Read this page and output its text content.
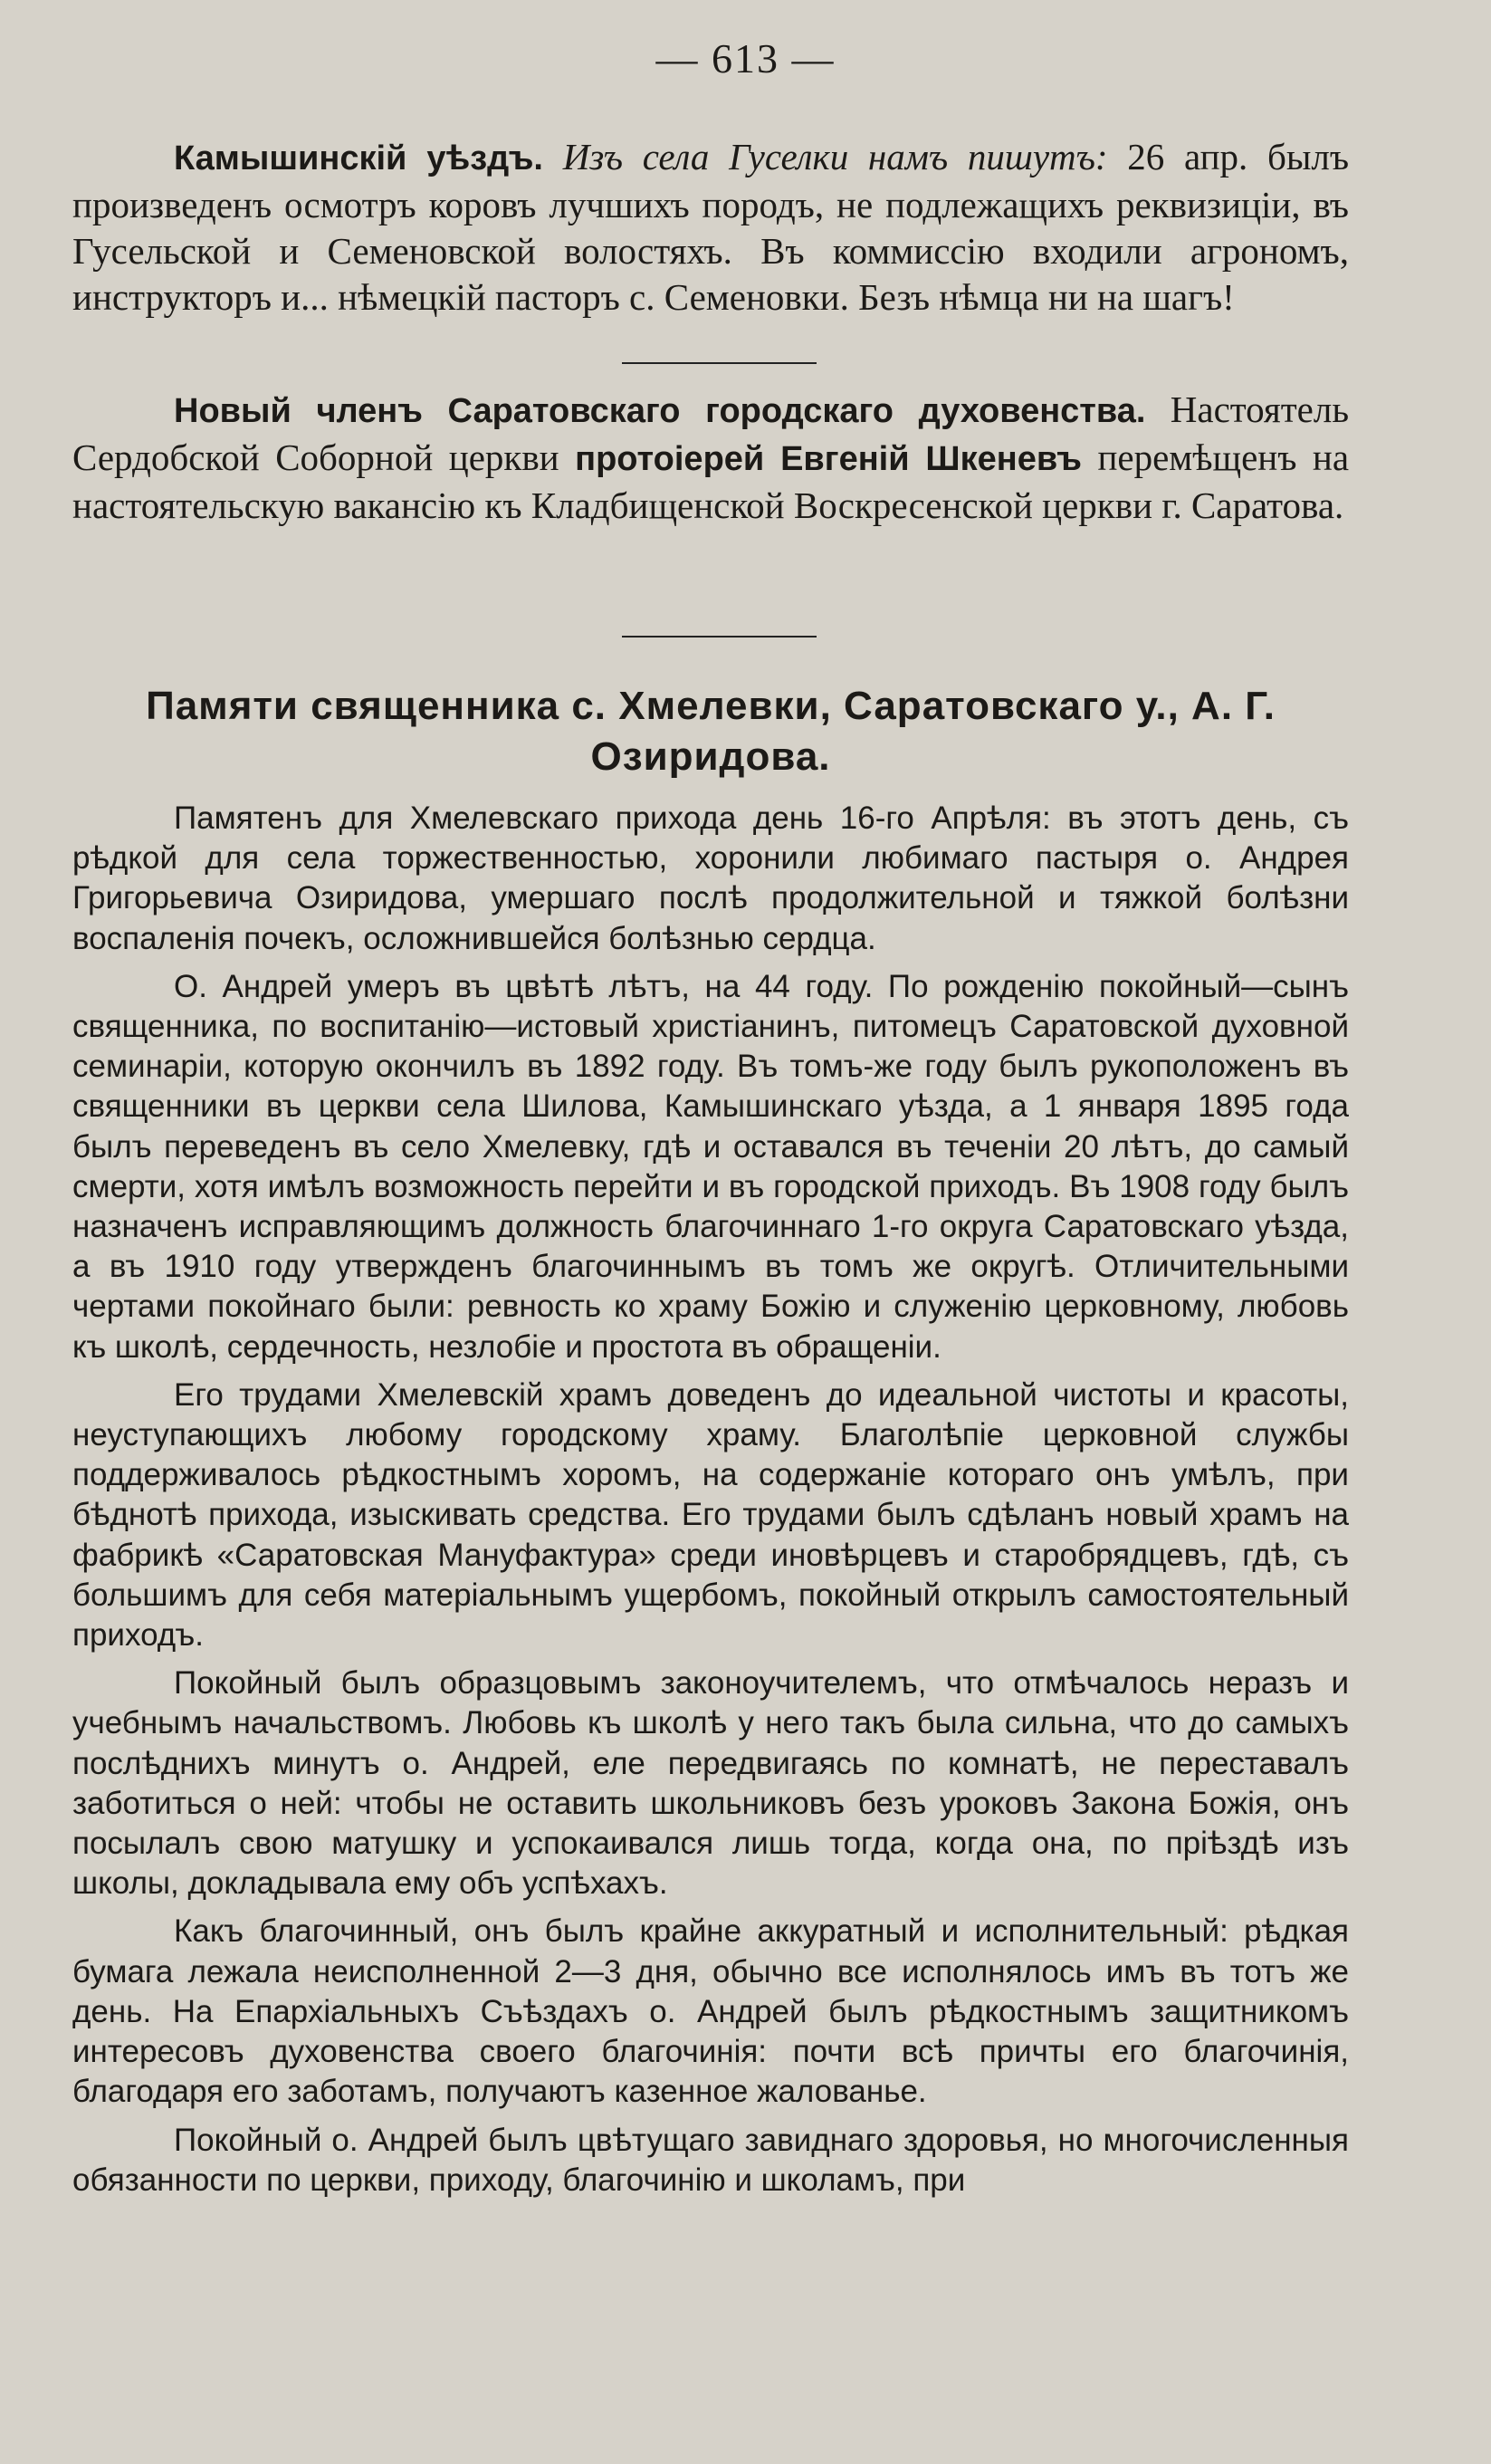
— 613 —

Камышинскій уѣздъ. Изъ села Гуселки намъ пишутъ: 26 апр. былъ произведенъ осмотръ коровъ лучшихъ породъ, не подлежащихъ реквизиціи, въ Гусельской и Семеновской волостяхъ. Въ коммиссію входили агрономъ, инструкторъ и... нѣмецкій пасторъ с. Семеновки. Безъ нѣмца ни на шагъ!

Новый членъ Саратовскаго городскаго духовенства. Настоятель Сердобской Соборной церкви протоіерей Евгеній Шкеневъ перемѣщенъ на настоятельскую вакансію къ Кладбищенской Воскресенской церкви г. Саратова.

Памяти священника с. Хмелевки, Саратовскаго у., А. Г. Озиридова.

Памятенъ для Хмелевскаго прихода день 16-го Апрѣля: въ этотъ день, съ рѣдкой для села торжественностью, хоронили любимаго пастыря о. Андрея Григорьевича Озиридова, умершаго послѣ продолжительной и тяжкой болѣзни воспаленія почекъ, осложнившейся болѣзнью сердца.

О. Андрей умеръ въ цвѣтѣ лѣтъ, на 44 году. По рожденію покойный—сынъ священника, по воспитанію—истовый христіанинъ, питомецъ Саратовской духовной семинаріи, которую окончилъ въ 1892 году. Въ томъ-же году былъ рукоположенъ въ священники въ церкви села Шилова, Камышинскаго уѣзда, а 1 января 1895 года былъ переведенъ въ село Хмелевку, гдѣ и оставался въ теченіи 20 лѣтъ, до самый смерти, хотя имѣлъ возможность перейти и въ городской приходъ. Въ 1908 году былъ назначенъ исправляющимъ должность благочиннаго 1-го округа Саратовскаго уѣзда, а въ 1910 году утвержденъ благочиннымъ въ томъ же округѣ. Отличительными чертами покойнаго были: ревность ко храму Божію и служенію церковному, любовь къ школѣ, сердечность, незлобіе и простота въ обращеніи.

Его трудами Хмелевскій храмъ доведенъ до идеальной чистоты и красоты, неуступающихъ любому городскому храму. Благолѣпіе церковной службы поддерживалось рѣдкостнымъ хоромъ, на содержаніе котораго онъ умѣлъ, при бѣднотѣ прихода, изыскивать средства. Его трудами былъ сдѣланъ новый храмъ на фабрикѣ «Саратовская Мануфактура» среди иновѣрцевъ и старобрядцевъ, гдѣ, съ большимъ для себя матеріальнымъ ущербомъ, покойный открылъ самостоятельный приходъ.

Покойный былъ образцовымъ законоучителемъ, что отмѣчалось неразъ и учебнымъ начальствомъ. Любовь къ школѣ у него такъ была сильна, что до самыхъ послѣднихъ минутъ о. Андрей, еле передвигаясь по комнатѣ, не переставалъ заботиться о ней: чтобы не оставить школьниковъ безъ уроковъ Закона Божія, онъ посылалъ свою матушку и успокаивался лишь тогда, когда она, по пріѣздѣ изъ школы, докладывала ему объ успѣхахъ.

Какъ благочинный, онъ былъ крайне аккуратный и исполнительный: рѣдкая бумага лежала неисполненной 2—3 дня, обычно все исполнялось имъ въ тотъ же день. На Епархіальныхъ Съѣздахъ о. Андрей былъ рѣдкостнымъ защитникомъ интересовъ духовенства своего благочинія: почти всѣ причты его благочинія, благодаря его заботамъ, получаютъ казенное жалованье.

Покойный о. Андрей былъ цвѣтущаго завиднаго здоровья, но многочисленныя обязанности по церкви, приходу, благочинію и школамъ, при
